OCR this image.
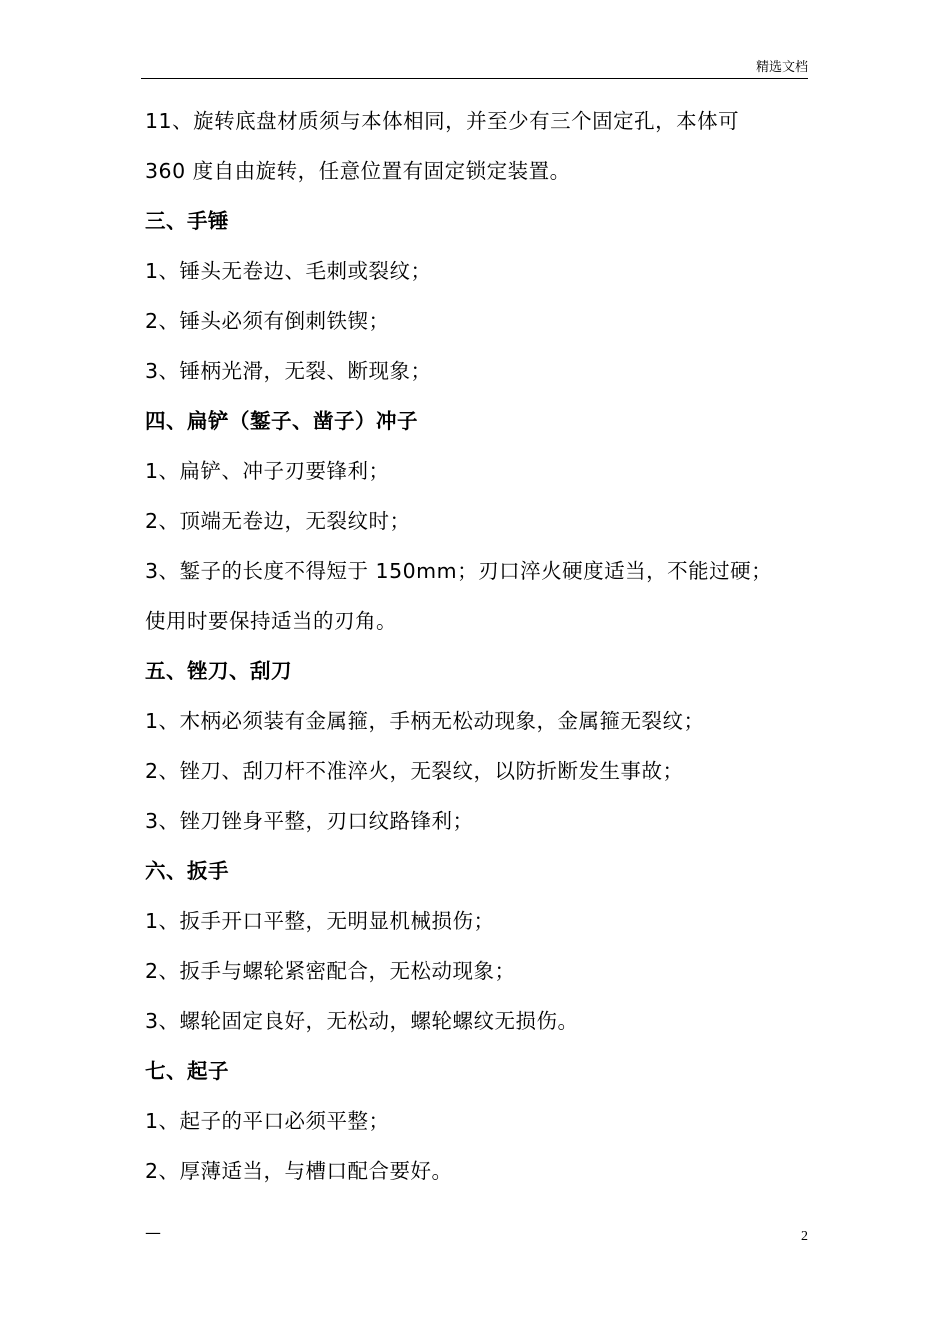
精选文档
11、旋转底盘材质须与本体相同，并至少有三个固定孔，本体可
360 度自由旋转，任意位置有固定锁定装置。
三、手锤
1、锤头无卷边、毛刺或裂纹；
2、锤头必须有倒刺铁锲；
3、锤柄光滑，无裂、断现象；
四、扁铲（錾子、凿子）冲子
1、扁铲、冲子刃要锋利；
2、顶端无卷边，无裂纹时；
3、錾子的长度不得短于 150mm；刃口淬火硬度适当，不能过硬；
使用时要保持适当的刃角。
五、锉刀、刮刀
1、木柄必须装有金属箍，手柄无松动现象，金属箍无裂纹；
2、锉刀、刮刀杆不准淬火，无裂纹，以防折断发生事故；
3、锉刀锉身平整，刃口纹路锋利；
六、扳手
1、扳手开口平整，无明显机械损伤；
2、扳手与螺轮紧密配合，无松动现象；
3、螺轮固定良好，无松动，螺轮螺纹无损伤。
七、起子
1、起子的平口必须平整；
2、厚薄适当，与槽口配合要好。
—	2
